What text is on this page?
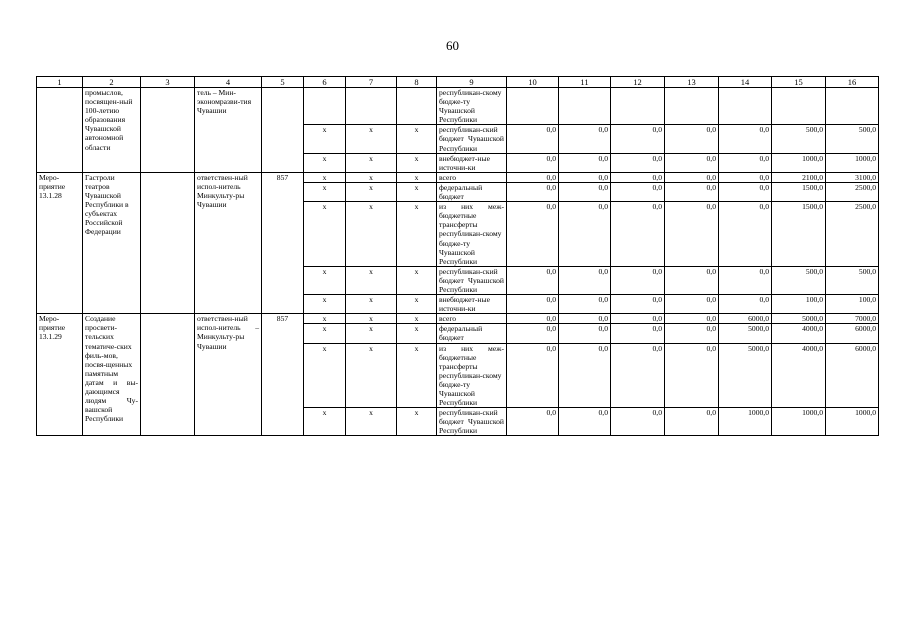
60
1	2	3	4	5	6	7	8	9	10	11	12	13	14	15	16
	промыслов, посвящен-ный 100-летию образования Чувашской автономной области		тель – Мин-экономразви-тия Чувашии					республикан-скому бюдже-ту Чувашской Республики							
					x	x	x	республикан-ский бюджет Чувашской Республики	0,0	0,0	0,0	0,0	0,0	500,0	500,0
					x	x	x	внебюджет-ные источни-ки	0,0	0,0	0,0	0,0	0,0	1000,0	1000,0
Меро-приятие 13.1.28	Гастроли театров Чувашской Республики в субъектах Российской Федерации		ответствен-ный испол-нитель Минкульту-ры Чувашии	857	x	x	x	всего	0,0	0,0	0,0	0,0	0,0	2100,0	3100,0
					x	x	x	федеральный бюджет	0,0	0,0	0,0	0,0	0,0	1500,0	2500,0
					x	x	x	из них меж-бюджетные трансферты республикан-скому бюдже-ту Чувашской Республики	0,0	0,0	0,0	0,0	0,0	1500,0	2500,0
					x	x	x	республикан-ский бюджет Чувашской Республики	0,0	0,0	0,0	0,0	0,0	500,0	500,0
					x	x	x	внебюджет-ные источни-ки	0,0	0,0	0,0	0,0	0,0	100,0	100,0
Меро-приятие 13.1.29	Создание просвети-тельских тематиче-ских филь-мов, посвя-щенных памятным датам и вы-дающимся людям Чу-вашской Республики		ответствен-ный испол-нитель – Минкульту-ры Чувашии	857	x	x	x	всего	0,0	0,0	0,0	0,0	6000,0	5000,0	7000,0
					x	x	x	федеральный бюджет	0,0	0,0	0,0	0,0	5000,0	4000,0	6000,0
					x	x	x	из них меж-бюджетные трансферты республикан-скому бюдже-ту Чувашской Республики	0,0	0,0	0,0	0,0	5000,0	4000,0	6000,0
					x	x	x	республикан-ский бюджет Чувашской Республики	0,0	0,0	0,0	0,0	1000,0	1000,0	1000,0
